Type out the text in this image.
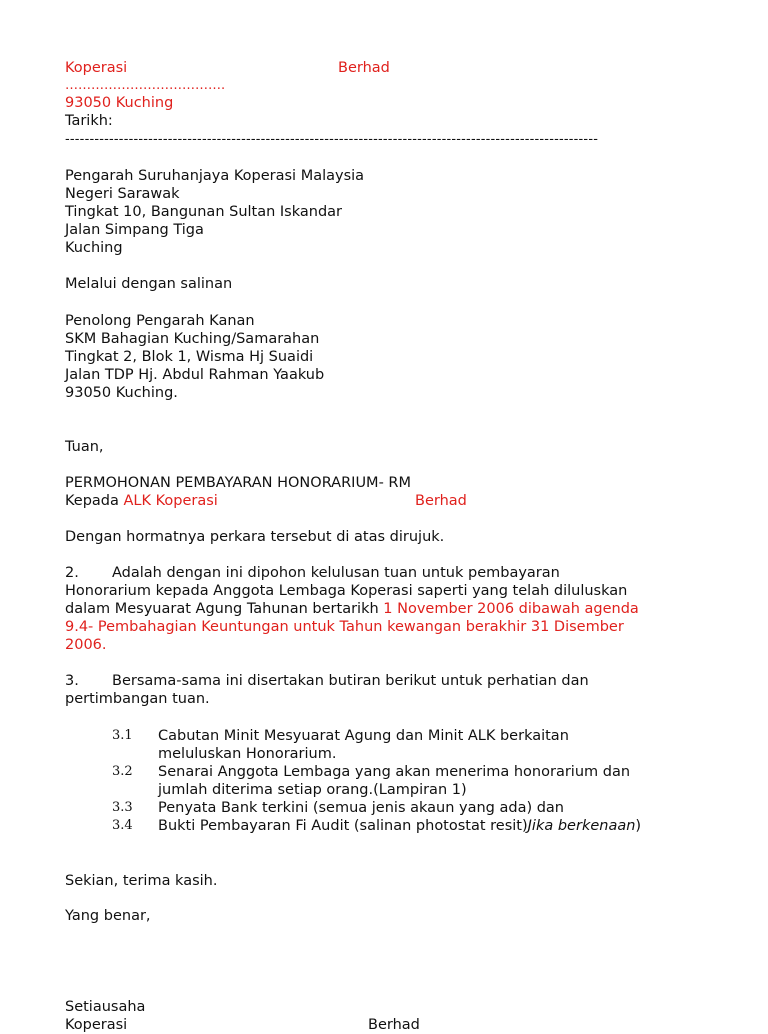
Koperasi	Berhad
……………………………….
93050 Kuching
Tarikh:
-------------------------------------------------------------------------------------------------------------
Pengarah Suruhanjaya Koperasi Malaysia
Negeri Sarawak
Tingkat 10, Bangunan Sultan Iskandar
Jalan Simpang Tiga
Kuching
Melalui dengan salinan
Penolong Pengarah Kanan
SKM Bahagian Kuching/Samarahan
Tingkat 2, Blok 1, Wisma Hj Suaidi
Jalan TDP Hj. Abdul Rahman Yaakub
93050 Kuching.
Tuan,
PERMOHONAN PEMBAYARAN HONORARIUM- RM
Kepada ALK Koperasi	Berhad
Dengan hormatnya perkara tersebut di atas dirujuk.
2. Adalah dengan ini dipohon kelulusan tuan untuk pembayaran
Honorarium kepada Anggota Lembaga Koperasi saperti yang telah diluluskan
dalam Mesyuarat Agung Tahunan bertarikh 1 November 2006 dibawah agenda
9.4- Pembahagian Keuntungan untuk Tahun kewangan berakhir 31 Disember
2006.
3. Bersama-sama ini disertakan butiran berikut untuk perhatian dan
pertimbangan tuan.
3.1 Cabutan Minit Mesyuarat Agung dan Minit ALK berkaitan
meluluskan Honorarium.
3.2 Senarai Anggota Lembaga yang akan menerima honorarium dan
jumlah diterima setiap orang.(Lampiran 1)
3.3 Penyata Bank terkini (semua jenis akaun yang ada) dan
3.4 Bukti Pembayaran Fi Audit (salinan photostat resit)Jika berkenaan)
Sekian, terima kasih.
Yang benar,
Setiausaha
Koperasi	Berhad
